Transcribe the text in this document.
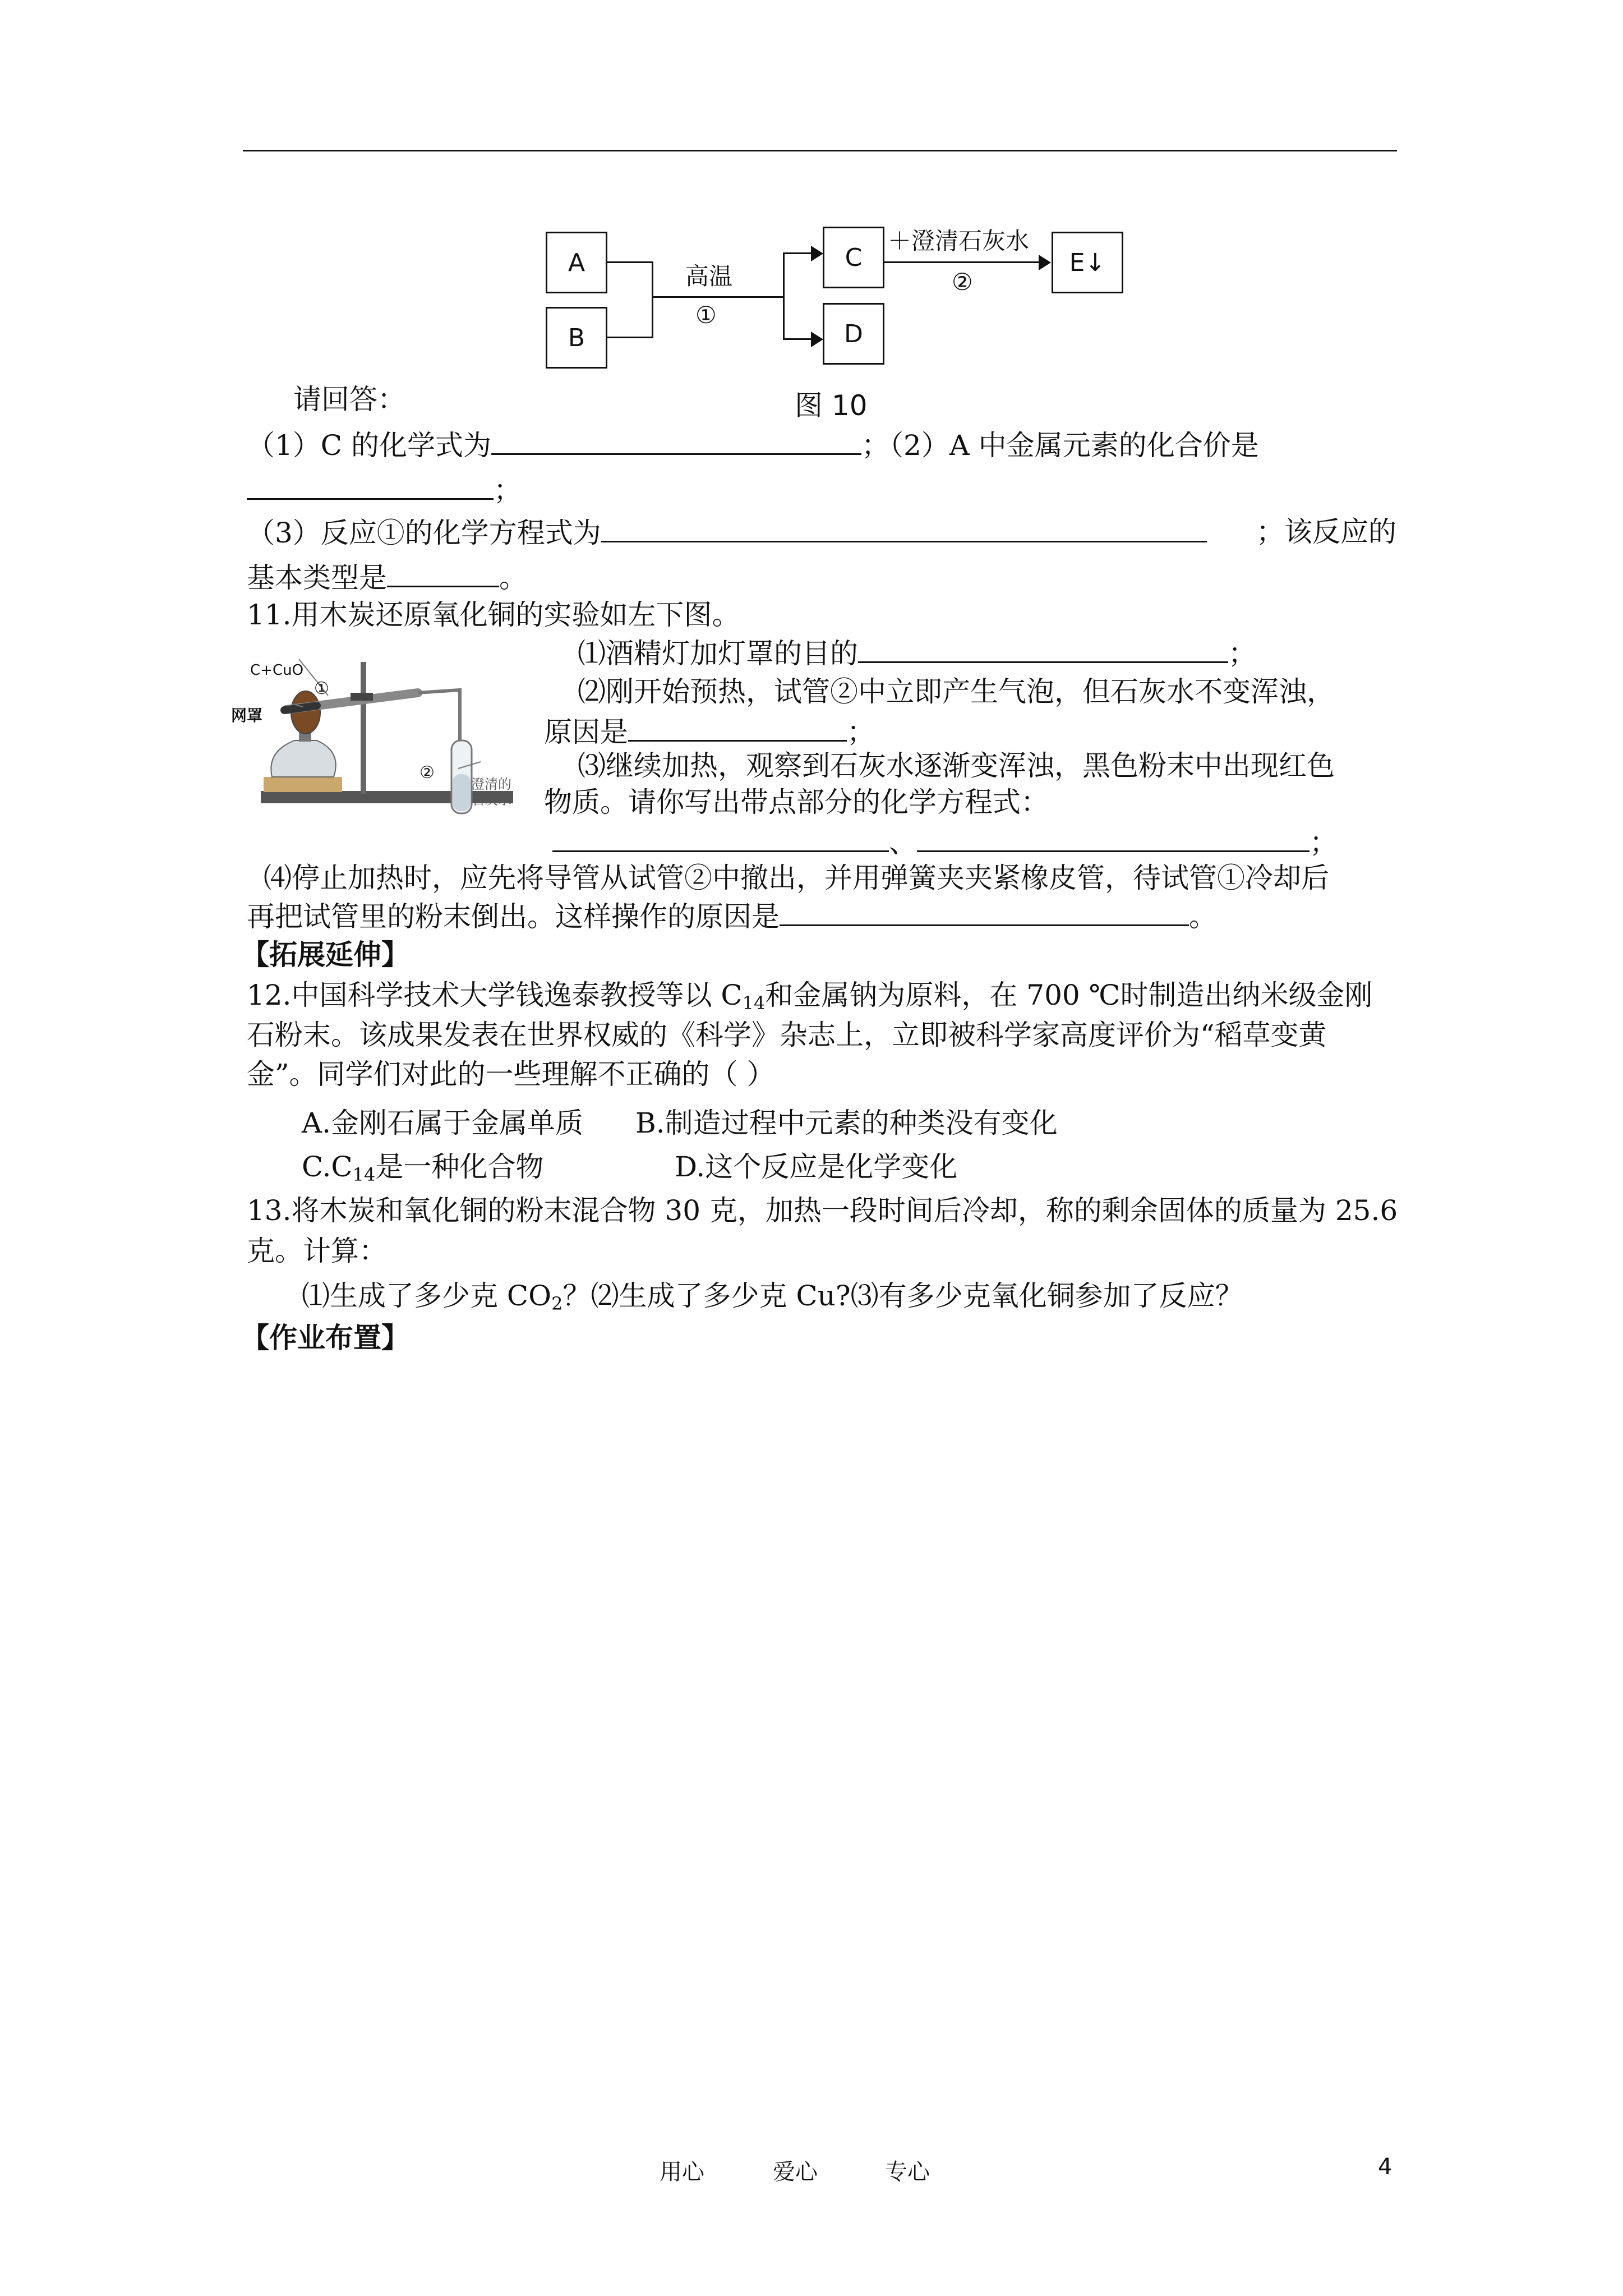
A
B
高温
①
C
D
＋澄清石灰水
②
E↓
请回答：	图 10
（1）C 的化学式为	；（2）A 中金属元素的化合价是
；
（3）反应①的化学方程式为	；该反应的
基本类型是	。
11.用木炭还原氧化铜的实验如左下图。
C+CuO
①
网罩
②
澄清的
石灰水
⑴酒精灯加灯罩的目的	；
⑵刚开始预热，试管②中立即产生气泡，但石灰水不变浑浊，
原因是	；
⑶继续加热，观察到石灰水逐渐变浑浊，黑色粉末中出现红色
物质。请你写出带点部分的化学方程式：
、	；
⑷停止加热时，应先将导管从试管②中撤出，并用弹簧夹夹紧橡皮管，待试管①冷却后
再把试管里的粉末倒出。这样操作的原因是	。
【拓展延伸】
12.中国科学技术大学钱逸泰教授等以 $C_{14}$和金属钠为原料，在 700 ℃时制造出纳米级金刚
石粉末。该成果发表在世界权威的《科学》杂志上，立即被科学家高度评价为“稻草变黄
金”。同学们对此的一些理解不正确的（ ）
A.金刚石属于金属单质 B.制造过程中元素的种类没有变化
$C.C_{14}$是一种化合物	D.这个反应是化学变化
13.将木炭和氧化铜的粉末混合物 30 克，加热一段时间后冷却，称的剩余固体的质量为 25.6
克。计算：
⑴生成了多少克 $CO_2$？⑵生成了多少克 Cu?⑶有多少克氧化铜参加了反应？
【作业布置】
用心	爱心	专心	4
